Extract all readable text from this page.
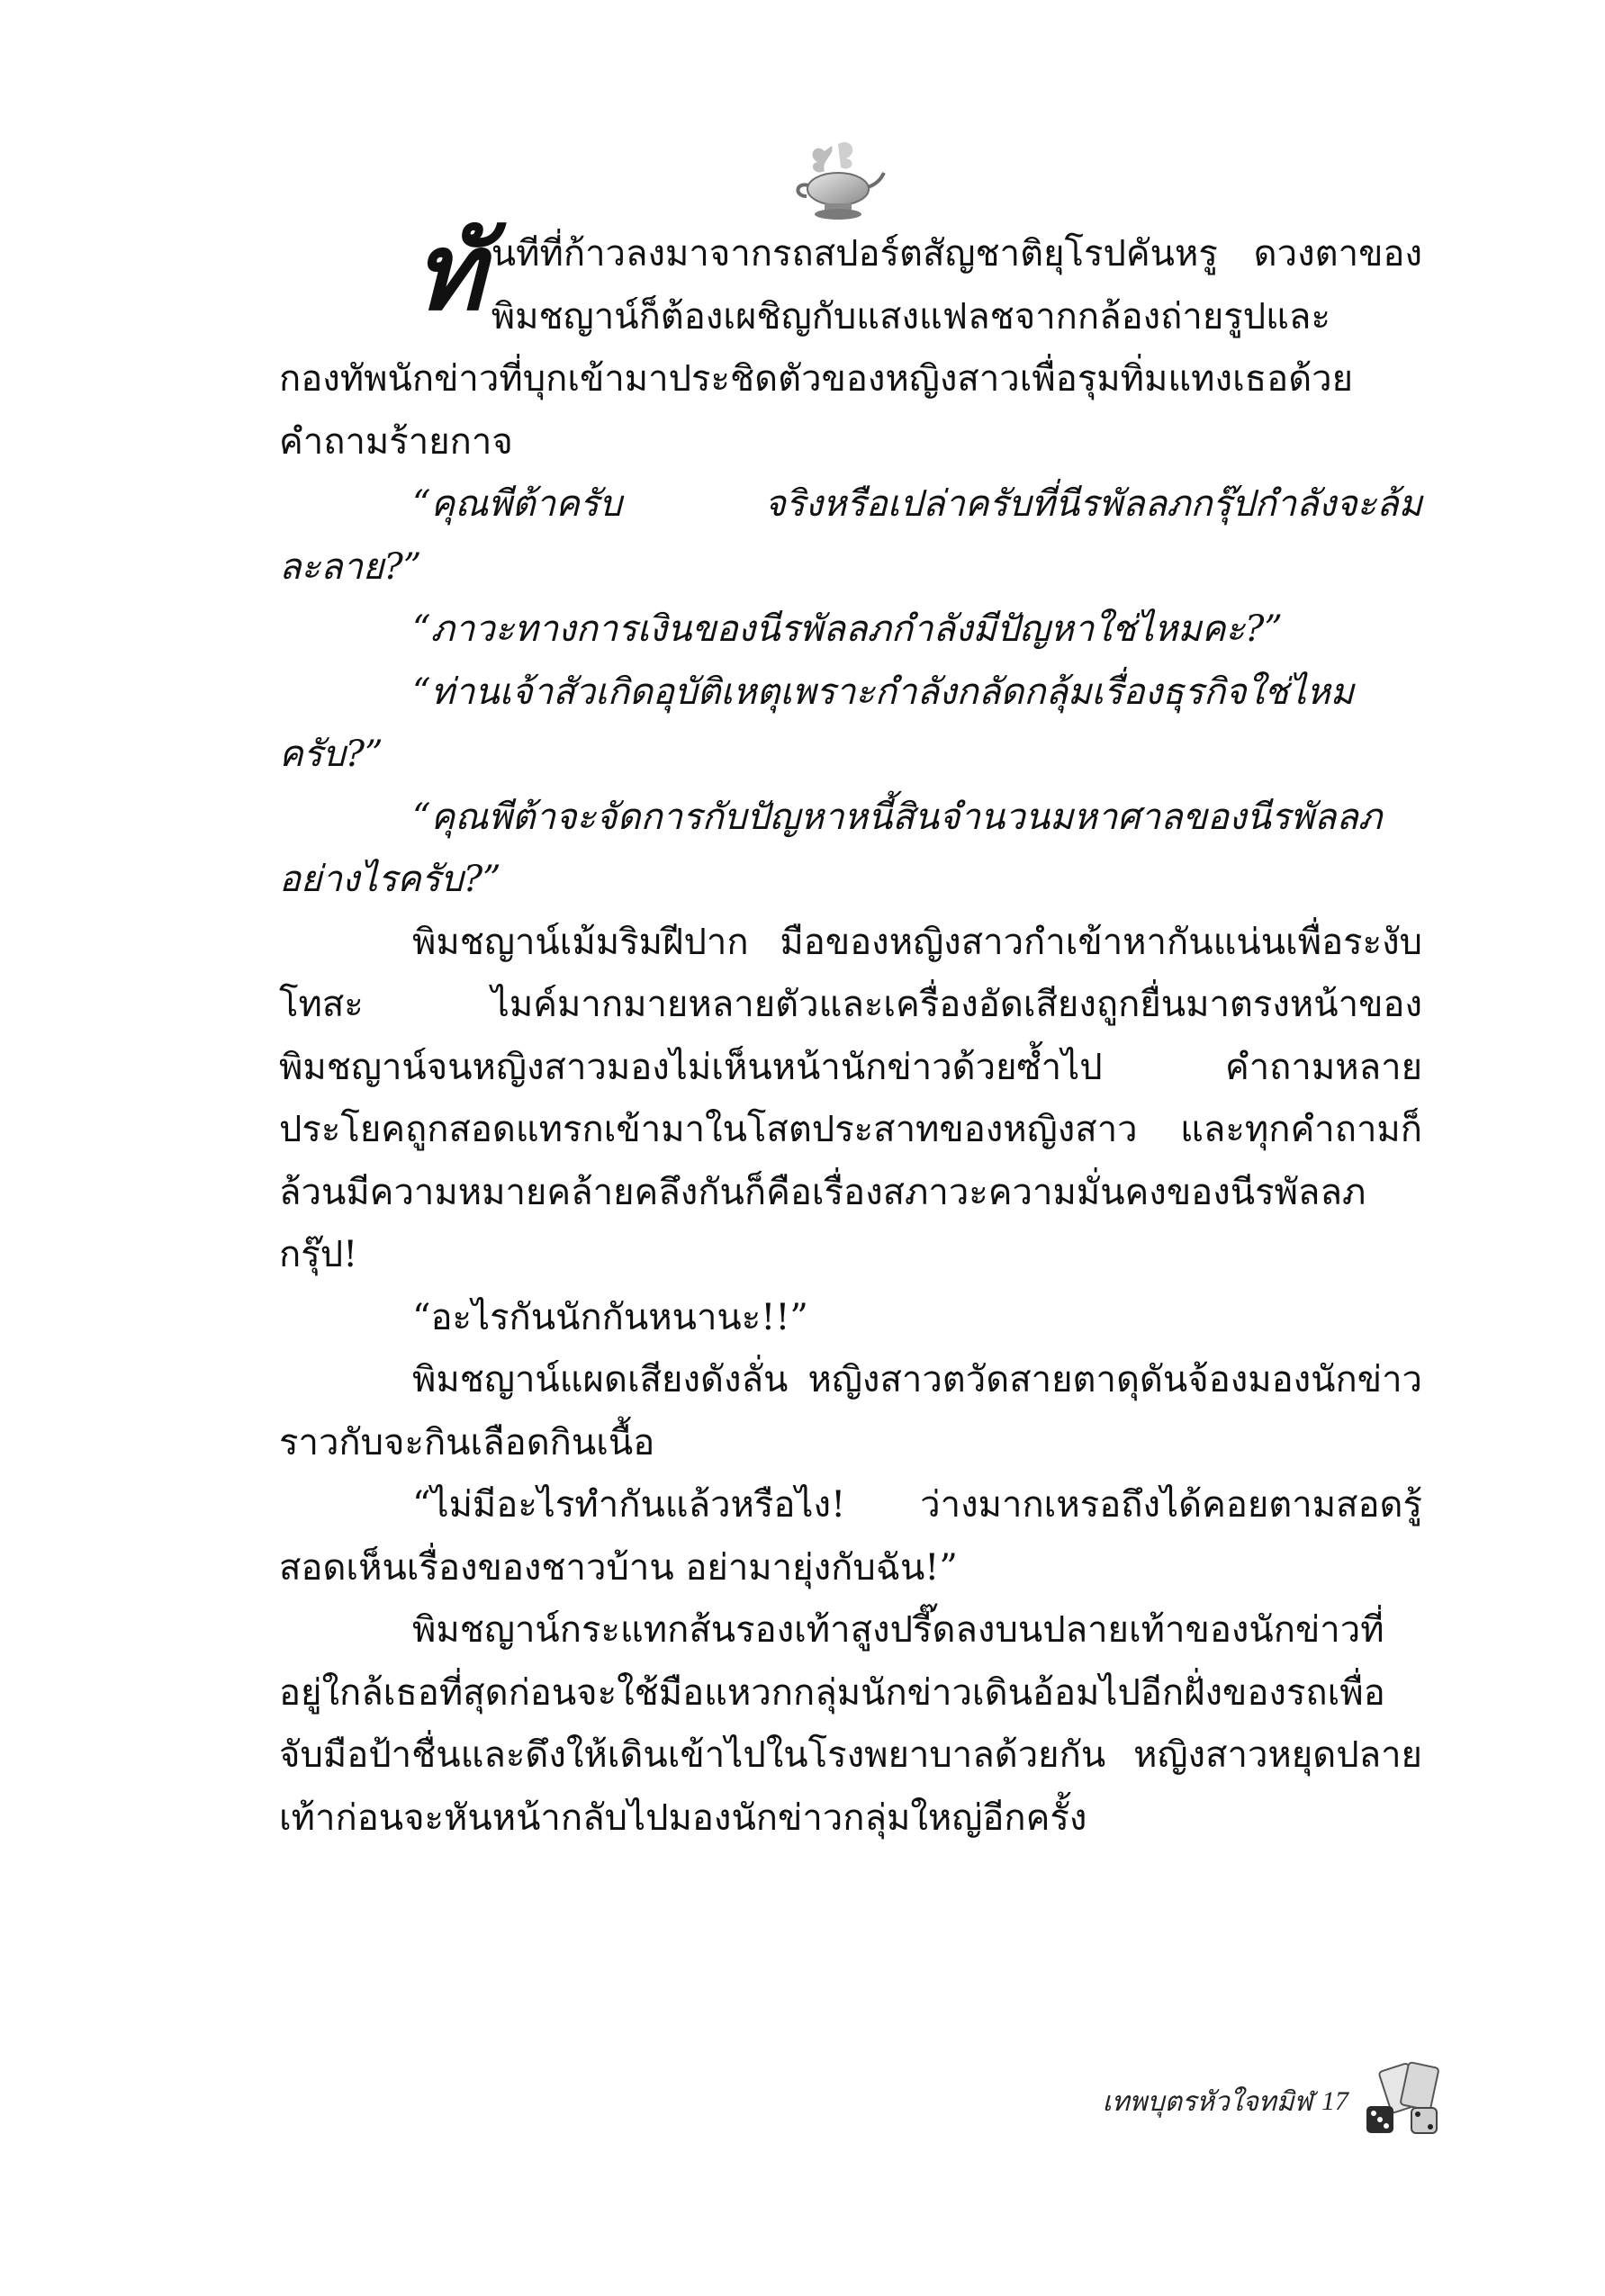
ทันทีที่ก้าวลงมาจากรถสปอร์ตสัญชาติยุโรปคันหรู ดวงตาของพิมชญาน์ก็ต้องเผชิญกับแสงแฟลชจากกล้องถ่ายรูปและกองทัพนักข่าวที่บุกเข้ามาประชิดตัวของหญิงสาวเพื่อรุมทิ่มแทงเธอด้วยคำถามร้ายกาจ

“คุณพีต้าครับ จริงหรือเปล่าครับที่นีรพัลลภกรุ๊ปกำลังจะล้มละลาย?”

“ภาวะทางการเงินของนีรพัลลภกำลังมีปัญหาใช่ไหมคะ?”

“ท่านเจ้าสัวเกิดอุบัติเหตุเพราะกำลังกลัดกลุ้มเรื่องธุรกิจใช่ไหมครับ?”

“คุณพีต้าจะจัดการกับปัญหาหนี้สินจำนวนมหาศาลของนีรพัลลภอย่างไรครับ?”

พิมชญาน์เม้มริมฝีปาก มือของหญิงสาวกำเข้าหากันแน่นเพื่อระงับโทสะ ไมค์มากมายหลายตัวและเครื่องอัดเสียงถูกยื่นมาตรงหน้าของพิมชญาน์จนหญิงสาวมองไม่เห็นหน้านักข่าวด้วยซ้ำไป คำถามหลายประโยคถูกสอดแทรกเข้ามาในโสตประสาทของหญิงสาว และทุกคำถามก็ล้วนมีความหมายคล้ายคลึงกันก็คือเรื่องสภาวะความมั่นคงของนีรพัลลภกรุ๊ป!

“อะไรกันนักกันหนานะ!!”

พิมชญาน์แผดเสียงดังลั่น หญิงสาวตวัดสายตาดุดันจ้องมองนักข่าวราวกับจะกินเลือดกินเนื้อ

“ไม่มีอะไรทำกันแล้วหรือไง! ว่างมากเหรอถึงได้คอยตามสอดรู้สอดเห็นเรื่องของชาวบ้าน อย่ามายุ่งกับฉัน!”

พิมชญาน์กระแทกส้นรองเท้าสูงปรี๊ดลงบนปลายเท้าของนักข่าวที่อยู่ใกล้เธอที่สุดก่อนจะใช้มือแหวกกลุ่มนักข่าวเดินอ้อมไปอีกฝั่งของรถเพื่อจับมือป้าชื่นและดึงให้เดินเข้าไปในโรงพยาบาลด้วยกัน หญิงสาวหยุดปลายเท้าก่อนจะหันหน้ากลับไปมองนักข่าวกลุ่มใหญ่อีกครั้ง

เทพบุตรหัวใจทมิฬ 17
